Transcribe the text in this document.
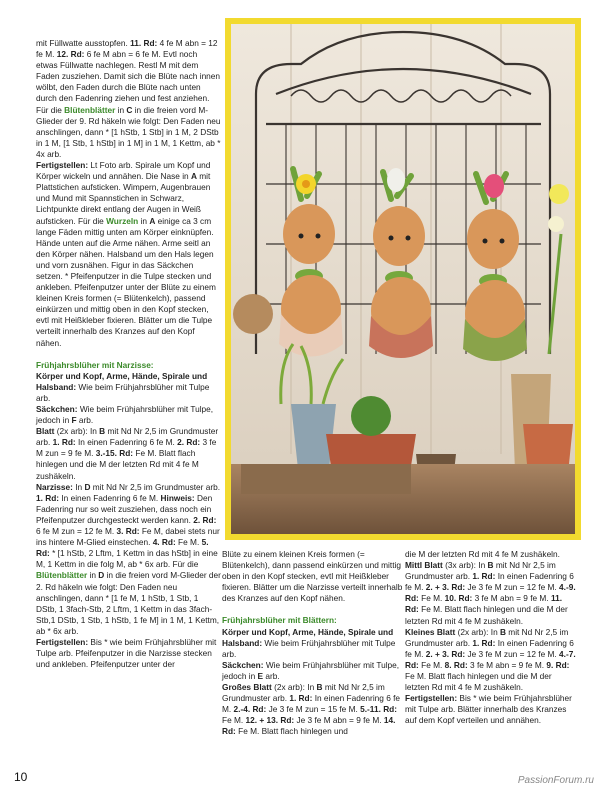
mit Füllwatte ausstopfen. 11. Rd: 4 fe M abn = 12 fe M. 12. Rd: 6 fe M abn = 6 fe M. Evtl noch etwas Füllwatte nachlegen. Restl M mit dem Faden zusziehen. Damit sich die Blüte nach innen wölbt, den Faden durch die Blüte nach unten durch den Fadenring ziehen und fest anziehen. Für die Blütenblätter in C in die freien vord M-Glieder der 9. Rd häkeln wie folgt: Den Faden neu anschlingen, dann * [1 hStb, 1 Stb] in 1 M, 2 DStb in 1 M, [1 Stb, 1 hStb] in 1 M] in 1 M, 1 Kettm, ab * 4x arb.

Fertigstellen: Lt Foto arb. Spirale um Kopf und Körper wickeln und annähen. Die Nase in A mit Plattstichen aufsticken. Wimpern, Augenbrauen und Mund mit Spannstichen in Schwarz, Lichtpunkte direkt entlang der Augen in Weiß aufsticken. Für die Wurzeln in A einige ca 3 cm lange Fäden mittig unten am Körper einknüpfen. Hände unten auf die Arme nähen. Arme seitl an den Körper nähen. Halsband um den Hals legen und vorn zusnähen. Figur in das Säckchen setzen. * Pfeifenputzer in die Tulpe stecken und ankleben. Pfeifenputzer unter der Blüte zu einem kleinen Kreis formen (= Blütenkelch), passend einkürzen und mittig oben in den Kopf stecken, evtl mit Heißkleber fixieren. Blätter um die Tulpe verteilt innerhalb des Kranzes auf den Kopf nähen.

Frühjahrsblüher mit Narzisse:

Körper und Kopf, Arme, Hände, Spirale und Halsband: Wie beim Frühjahrsblüher mit Tulpe arb.

Säckchen: Wie beim Frühjahrsblüher mit Tulpe, jedoch in F arb.

Blatt (2x arb): In B mit Nd Nr 2,5 im Grundmuster arb. 1. Rd: In einen Fadenring 6 fe M. 2. Rd: 3 fe M zun = 9 fe M. 3.-15. Rd: Fe M. Blatt flach hinlegen und die M der letzten Rd mit 4 fe M zushäkeln.

Narzisse: In D mit Nd Nr 2,5 im Grundmuster arb. 1. Rd: In einen Fadenring 6 fe M. Hinweis: Den Fadenring nur so weit zusziehen, dass noch ein Pfeifenputzer durchgesteckt werden kann. 2. Rd: 6 fe M zun = 12 fe M. 3. Rd: Fe M, dabei stets nur ins hintere M-Glied einstechen. 4. Rd: Fe M. 5. Rd: * [1 hStb, 2 Lftm, 1 Kettm in das hStb] in eine M, 1 Kettm in die folg M, ab * 6x arb. Für die Blütenblätter in D in die freien vord M-Glieder der 2. Rd häkeln wie folgt: Den Faden neu anschlingen, dann * [1 fe M, 1 hStb, 1 Stb, 1 DStb, 1 3fach-Stb, 2 Lftm, 1 Kettm in das 3fach-Stb,1 DStb, 1 Stb, 1 hStb, 1 fe M] in 1 M, 1 Kettm, ab * 6x arb.

Fertigstellen: Bis * wie beim Frühjahrsblüher mit Tulpe arb. Pfeifenputzer in die Narzisse stecken und ankleben. Pfeifenputzer unter der

Blüte zu einem kleinen Kreis formen (= Blütenkelch), dann passend einkürzen und mittig oben in den Kopf stecken, evtl mit Heißkleber fixieren. Blätter um die Narzisse verteilt innerhalb des Kranzes auf den Kopf nähen.

Frühjahrsblüher mit Blättern:

Körper und Kopf, Arme, Hände, Spirale und Halsband: Wie beim Frühjahrsblüher mit Tulpe arb.

Säckchen: Wie beim Frühjahrsblüher mit Tulpe, jedoch in E arb.

Großes Blatt (2x arb): In B mit Nd Nr 2,5 im Grundmuster arb. 1. Rd: In einen Fadenring 6 fe M. 2.-4. Rd: Je 3 fe M zun = 15 fe M. 5.-11. Rd: Fe M. 12. + 13. Rd: Je 3 fe M abn = 9 fe M. 14. Rd: Fe M. Blatt flach hinlegen und

die M der letzten Rd mit 4 fe M zushäkeln.

Mittl Blatt (3x arb): In B mit Nd Nr 2,5 im Grundmuster arb. 1. Rd: In einen Fadenring 6 fe M. 2. + 3. Rd: Je 3 fe M zun = 12 fe M. 4.-9. Rd: Fe M. 10. Rd: 3 fe M abn = 9 fe M. 11. Rd: Fe M. Blatt flach hinlegen und die M der letzten Rd mit 4 fe M zushäkeln.

Kleines Blatt (2x arb): In B mit Nd Nr 2,5 im Grundmuster arb. 1. Rd: In einen Fadenring 6 fe M. 2. + 3. Rd: Je 3 fe M zun = 12 fe M. 4.-7. Rd: Fe M. 8. Rd: 3 fe M abn = 9 fe M. 9. Rd: Fe M. Blatt flach hinlegen und die M der letzten Rd mit 4 fe M zushäkeln.

Fertigstellen: Bis * wie beim Frühjahrsblüher mit Tulpe arb. Blätter innerhalb des Kranzes auf dem Kopf verteilen und annähen.

10	PassionForum.ru
